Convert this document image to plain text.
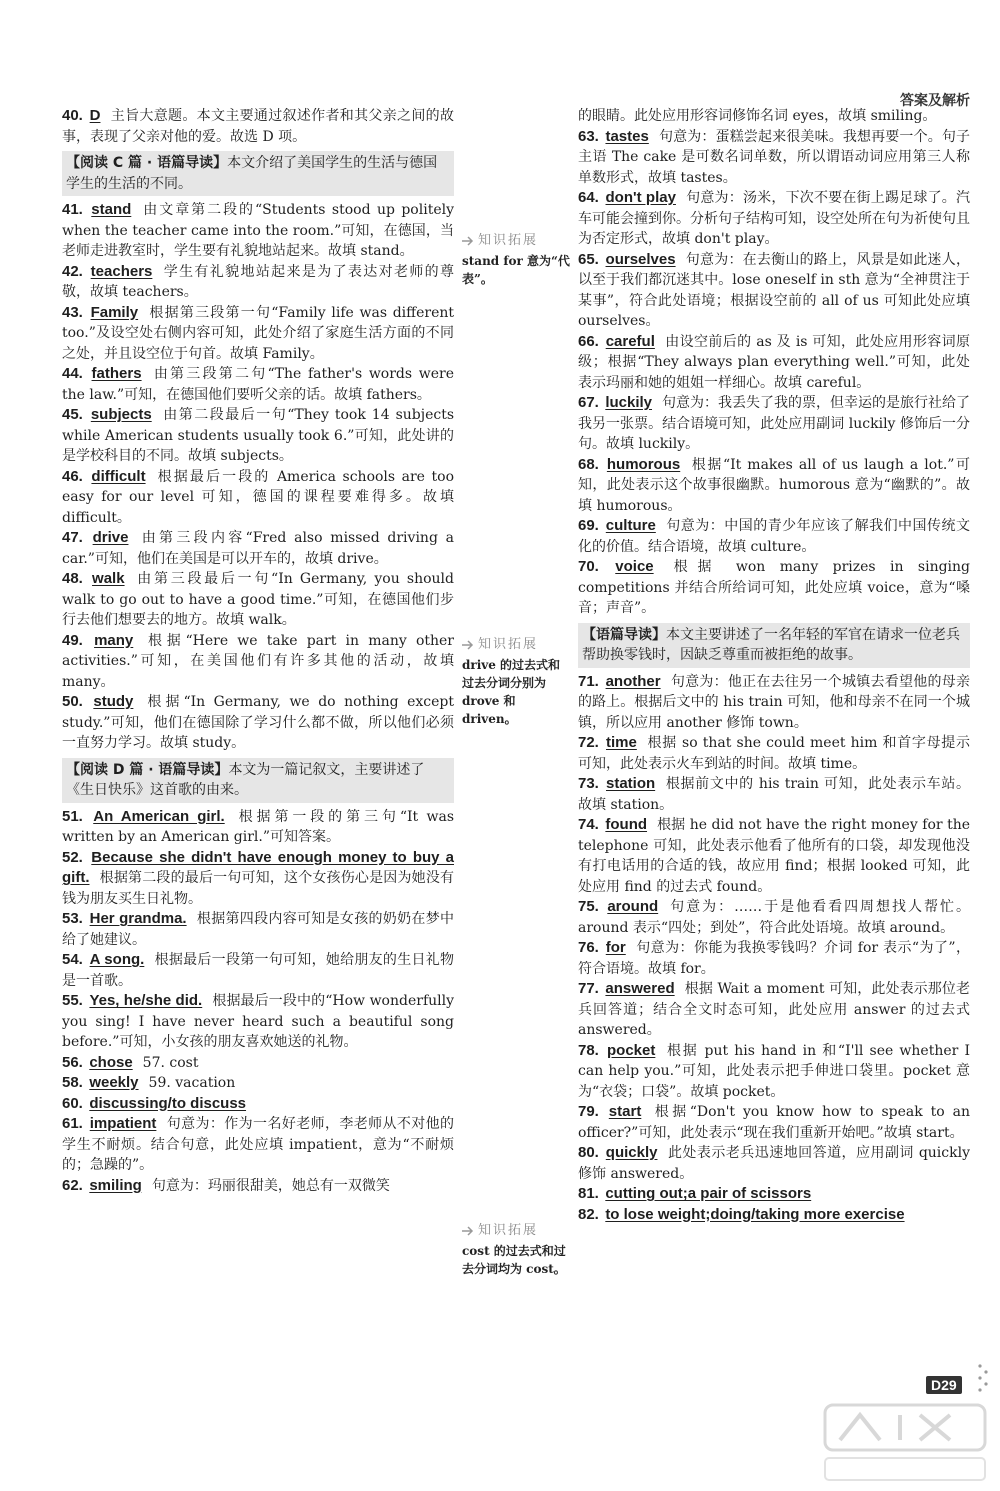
答案及解析

40. D 主旨大意题。本文主要通过叙述作者和其父亲之间的故事，表现了父亲对他的爱。故选 D 项。

【阅读 C 篇 · 语篇导读】本文介绍了美国学生的生活与德国学生的生活的不同。

41. stand 由文章第二段的“Students stood up politely when the teacher came into the room.”可知，在德国，当老师走进教室时，学生要有礼貌地站起来。故填 stand。

42. teachers 学生有礼貌地站起来是为了表达对老师的尊敬，故填 teachers。

43. Family 根据第三段第一句“Family life was different too.”及设空处右侧内容可知，此处介绍了家庭生活方面的不同之处，并且设空位于句首。故填 Family。

44. fathers 由第三段第二句“The father's words were the law.”可知，在德国他们要听父亲的话。故填 fathers。

45. subjects 由第二段最后一句“They took 14 subjects while American students usually took 6.”可知，此处讲的是学校科目的不同。故填 subjects。

46. difficult 根据最后一段的 America schools are too easy for our level 可知，德国的课程要难得多。故填 difficult。

47. drive 由第三段内容“Fred also missed driving a car.”可知，他们在美国是可以开车的，故填 drive。

48. walk 由第三段最后一句“In Germany, you should walk to go out to have a good time.”可知，在德国他们步行去他们想要去的地方。故填 walk。

49. many 根据“Here we take part in many other activities.”可知，在美国他们有许多其他的活动，故填 many。

50. study 根据“In Germany, we do nothing except study.”可知，他们在德国除了学习什么都不做，所以他们必须一直努力学习。故填 study。

【阅读 D 篇 · 语篇导读】本文为一篇记叙文，主要讲述了《生日快乐》这首歌的由来。

51. An American girl. 根据第一段的第三句“It was written by an American girl.”可知答案。

52. Because she didn't have enough money to buy a gift. 根据第二段的最后一句可知，这个女孩伤心是因为她没有钱为朋友买生日礼物。

53. Her grandma. 根据第四段内容可知是女孩的奶奶在梦中给了她建议。

54. A song. 根据最后一段第一句可知，她给朋友的生日礼物是一首歌。

55. Yes, he/she did. 根据最后一段中的“How wonderfully you sing! I have never heard such a beautiful song before.”可知，小女孩的朋友喜欢她送的礼物。

56. chose 57. cost

58. weekly 59. vacation

60. discussing/to discuss

61. impatient 句意为：作为一名好老师，李老师从不对他的学生不耐烦。结合句意，此处应填 impatient，意为“不耐烦的；急躁的”。

62. smiling 句意为：玛丽很甜美，她总有一双微笑

的眼睛。此处应用形容词修饰名词 eyes，故填 smiling。

63. tastes 句意为：蛋糕尝起来很美味。我想再要一个。句子主语 The cake 是可数名词单数，所以谓语动词应用第三人称单数形式，故填 tastes。

64. don't play 句意为：汤米，下次不要在街上踢足球了。汽车可能会撞到你。分析句子结构可知，设空处所在句为祈使句且为否定形式，故填 don't play。

65. ourselves 句意为：在去衡山的路上，风景是如此迷人，以至于我们都沉迷其中。lose oneself in sth 意为“全神贯注于某事”，符合此处语境；根据设空前的 all of us 可知此处应填 ourselves。

66. careful 由设空前后的 as 及 is 可知，此处应用形容词原级；根据“They always plan everything well.”可知，此处表示玛丽和她的姐姐一样细心。故填 careful。

67. luckily 句意为：我丢失了我的票，但幸运的是旅行社给了我另一张票。结合语境可知，此处应用副词 luckily 修饰后一分句。故填 luckily。

68. humorous 根据“It makes all of us laugh a lot.”可知，此处表示这个故事很幽默。humorous 意为“幽默的”。故填 humorous。

69. culture 句意为：中国的青少年应该了解我们中国传统文化的价值。结合语境，故填 culture。

70. voice 根据 won many prizes in singing competitions 并结合所给词可知，此处应填 voice，意为“嗓音；声音”。

【语篇导读】本文主要讲述了一名年轻的军官在请求一位老兵帮助换零钱时，因缺乏尊重而被拒绝的故事。

71. another 句意为：他正在去往另一个城镇去看望他的母亲的路上。根据后文中的 his train 可知，他和母亲不在同一个城镇，所以应用 another 修饰 town。

72. time 根据 so that she could meet him 和首字母提示可知，此处表示火车到站的时间。故填 time。

73. station 根据前文中的 his train 可知，此处表示车站。故填 station。

74. found 根据 he did not have the right money for the telephone 可知，此处表示他看了他所有的口袋，却发现他没有打电话用的合适的钱，故应用 find；根据 looked 可知，此处应用 find 的过去式 found。

75. around 句意为：……于是他看看四周想找人帮忙。around 表示“四处；到处”，符合此处语境。故填 around。

76. for 句意为：你能为我换零钱吗？介词 for 表示“为了”，符合语境。故填 for。

77. answered 根据 Wait a moment 可知，此处表示那位老兵回答道；结合全文时态可知，此处应用 answer 的过去式 answered。

78. pocket 根据 put his hand in 和“I'll see whether I can help you.”可知，此处表示把手伸进口袋里。pocket 意为“衣袋；口袋”。故填 pocket。

79. start 根据“Don't you know how to speak to an officer?”可知，此处表示“现在我们重新开始吧。”故填 start。

80. quickly 此处表示老兵迅速地回答道，应用副词 quickly 修饰 answered。

81. cutting out;a pair of scissors

82. to lose weight;doing/taking more exercise

知识拓展
stand for 意为“代表”。
知识拓展
drive 的过去式和过去分词分别为 drove 和 driven。
知识拓展
cost 的过去式和过去分词均为 cost。
D29
